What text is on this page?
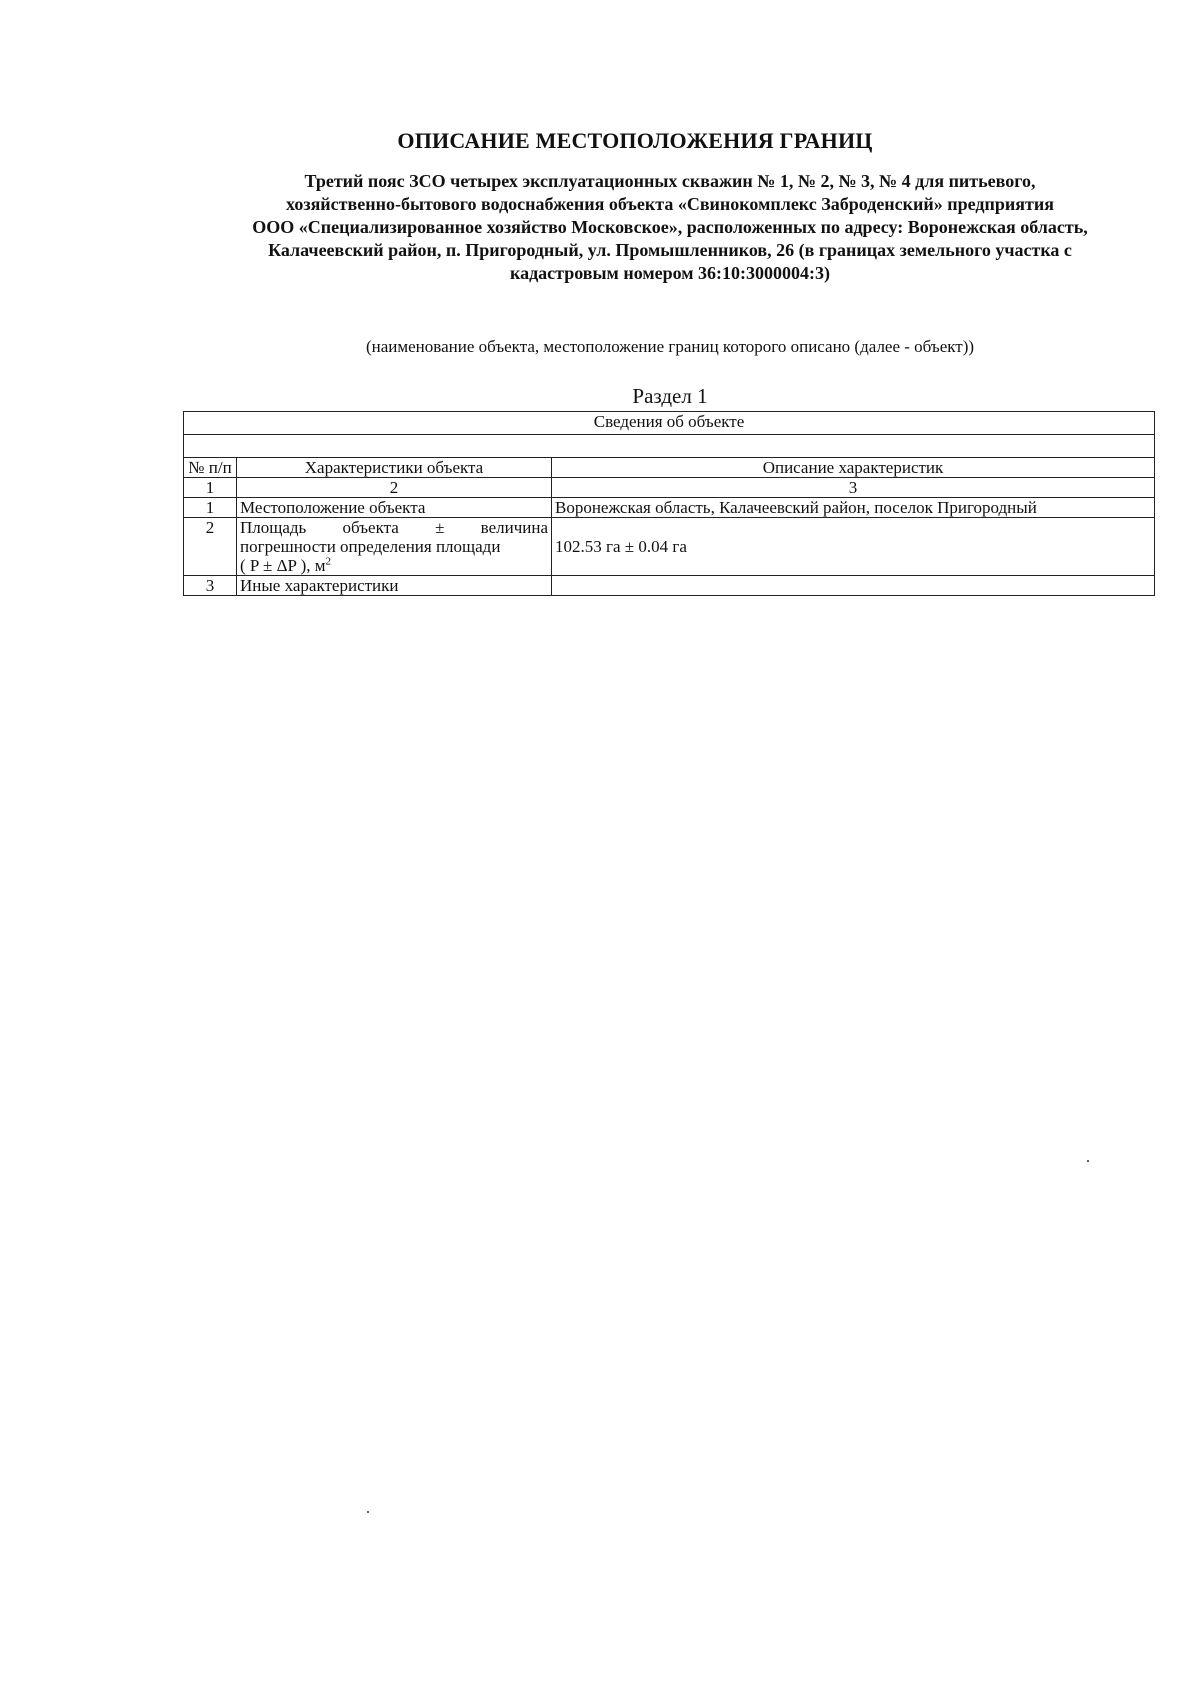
ОПИСАНИЕ МЕСТОПОЛОЖЕНИЯ ГРАНИЦ
Третий пояс ЗСО четырех эксплуатационных скважин № 1, № 2, № 3, № 4 для питьевого,
хозяйственно-бытового водоснабжения объекта «Свинокомплекс Заброденский» предприятия
ООО «Специализированное хозяйство Московское», расположенных по адресу: Воронежская область,
Калачеевский район, п. Пригородный, ул. Промышленников, 26 (в границах земельного участка с
кадастровым номером 36:10:3000004:3)
(наименование объекта, местоположение границ которого описано (далее - объект))
Раздел 1
Сведения об объекте		

№ п/п	Характеристики объекта	Описание характеристик
1	2	3
1	Местоположение объекта	Воронежская область, Калачеевский район, поселок Пригородный
2	Площадь объекта ± величина
погрешности определения площади
( P ± ΔP ), $м^2$	102.53 га ± 0.04 га
3	Иные характеристики	
